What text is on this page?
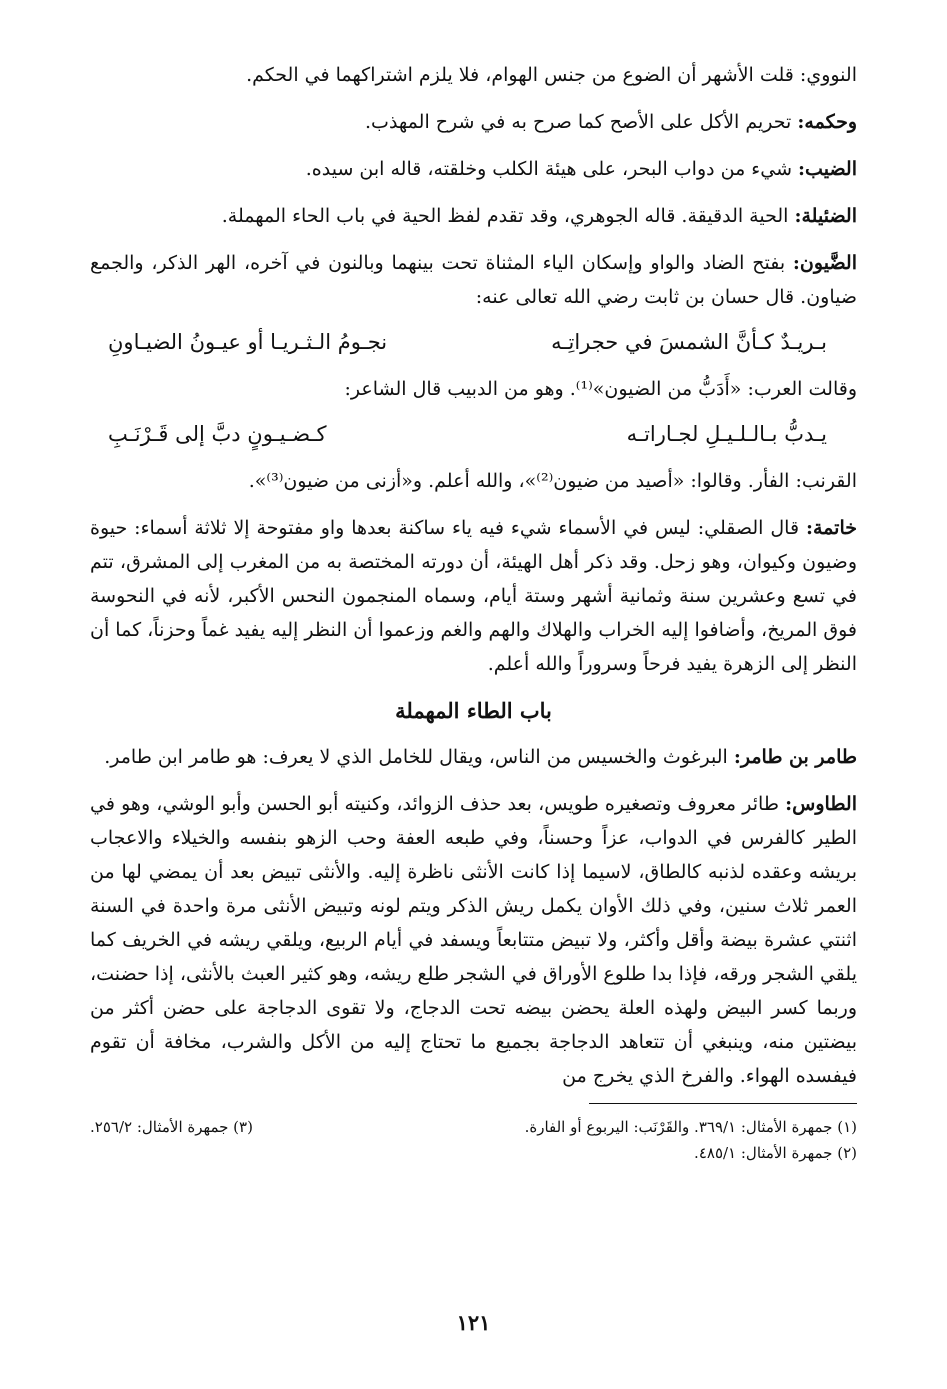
النووي: قلت الأشهر أن الضوع من جنس الهوام، فلا يلزم اشتراكهما في الحكم.

وحكمه: تحريم الأكل على الأصح كما صرح به في شرح المهذب.

الضيب: شيء من دواب البحر، على هيئة الكلب وخلقته، قاله ابن سيده.

الضئيلة: الحية الدقيقة. قاله الجوهري، وقد تقدم لفظ الحية في باب الحاء المهملة.

الضَّيون: بفتح الضاد والواو وإسكان الياء المثناة تحت بينهما وبالنون في آخره، الهر الذكر، والجمع ضياون. قال حسان بن ثابت رضي الله تعالى عنه:

بـريـدٌ كـأنَّ الشمسَ في حجراتِـه
نجـومُ الـثـريـا أو عيـونُ الضيـاونِ

وقالت العرب: «أَدَبُّ من الضيون»⁽¹⁾. وهو من الدبيب قال الشاعر:

يـدبُّ بـالـلـيـلِ لجـاراتـه
كـضـيـونٍ دبَّ إلى قَـرْنَـبِ

القرنب: الفأر. وقالوا: «أصيد من ضيون⁽²⁾»، والله أعلم. و«أزنى من ضيون⁽³⁾».

خاتمة: قال الصقلي: ليس في الأسماء شيء فيه ياء ساكنة بعدها واو مفتوحة إلا ثلاثة أسماء: حيوة وضيون وكيوان، وهو زحل. وقد ذكر أهل الهيئة، أن دورته المختصة به من المغرب إلى المشرق، تتم في تسع وعشرين سنة وثمانية أشهر وستة أيام، وسماه المنجمون النحس الأكبر، لأنه في النحوسة فوق المريخ، وأضافوا إليه الخراب والهلاك والهم والغم وزعموا أن النظر إليه يفيد غماً وحزناً، كما أن النظر إلى الزهرة يفيد فرحاً وسروراً والله أعلم.

باب الطاء المهملة

طامر بن طامر: البرغوث والخسيس من الناس، ويقال للخامل الذي لا يعرف: هو طامر ابن طامر.

الطاوس: طائر معروف وتصغيره طويس، بعد حذف الزوائد، وكنيته أبو الحسن وأبو الوشي، وهو في الطير كالفرس في الدواب، عزاً وحسناً، وفي طبعه العفة وحب الزهو بنفسه والخيلاء والاعجاب بريشه وعقده لذنبه كالطاق، لاسيما إذا كانت الأنثى ناظرة إليه. والأنثى تبيض بعد أن يمضي لها من العمر ثلاث سنين، وفي ذلك الأوان يكمل ريش الذكر ويتم لونه وتبيض الأنثى مرة واحدة في السنة اثنتي عشرة بيضة وأقل وأكثر، ولا تبيض متتابعاً ويسفد في أيام الربيع، ويلقي ريشه في الخريف كما يلقي الشجر ورقه، فإذا بدا طلوع الأوراق في الشجر طلع ريشه، وهو كثير العبث بالأنثى، إذا حضنت، وربما كسر البيض ولهذه العلة يحضن بيضه تحت الدجاج، ولا تقوى الدجاجة على حضن أكثر من بيضتين منه، وينبغي أن تتعاهد الدجاجة بجميع ما تحتاج إليه من الأكل والشرب، مخافة أن تقوم فيفسده الهواء. والفرخ الذي يخرج من

(١) جمهرة الأمثال: ٣٦٩/١. والقَرْنَب: اليربوع أو الفارة.
(٣) جمهرة الأمثال: ٢٥٦/٢.
(٢) جمهرة الأمثال: ٤٨٥/١.
١٢١
